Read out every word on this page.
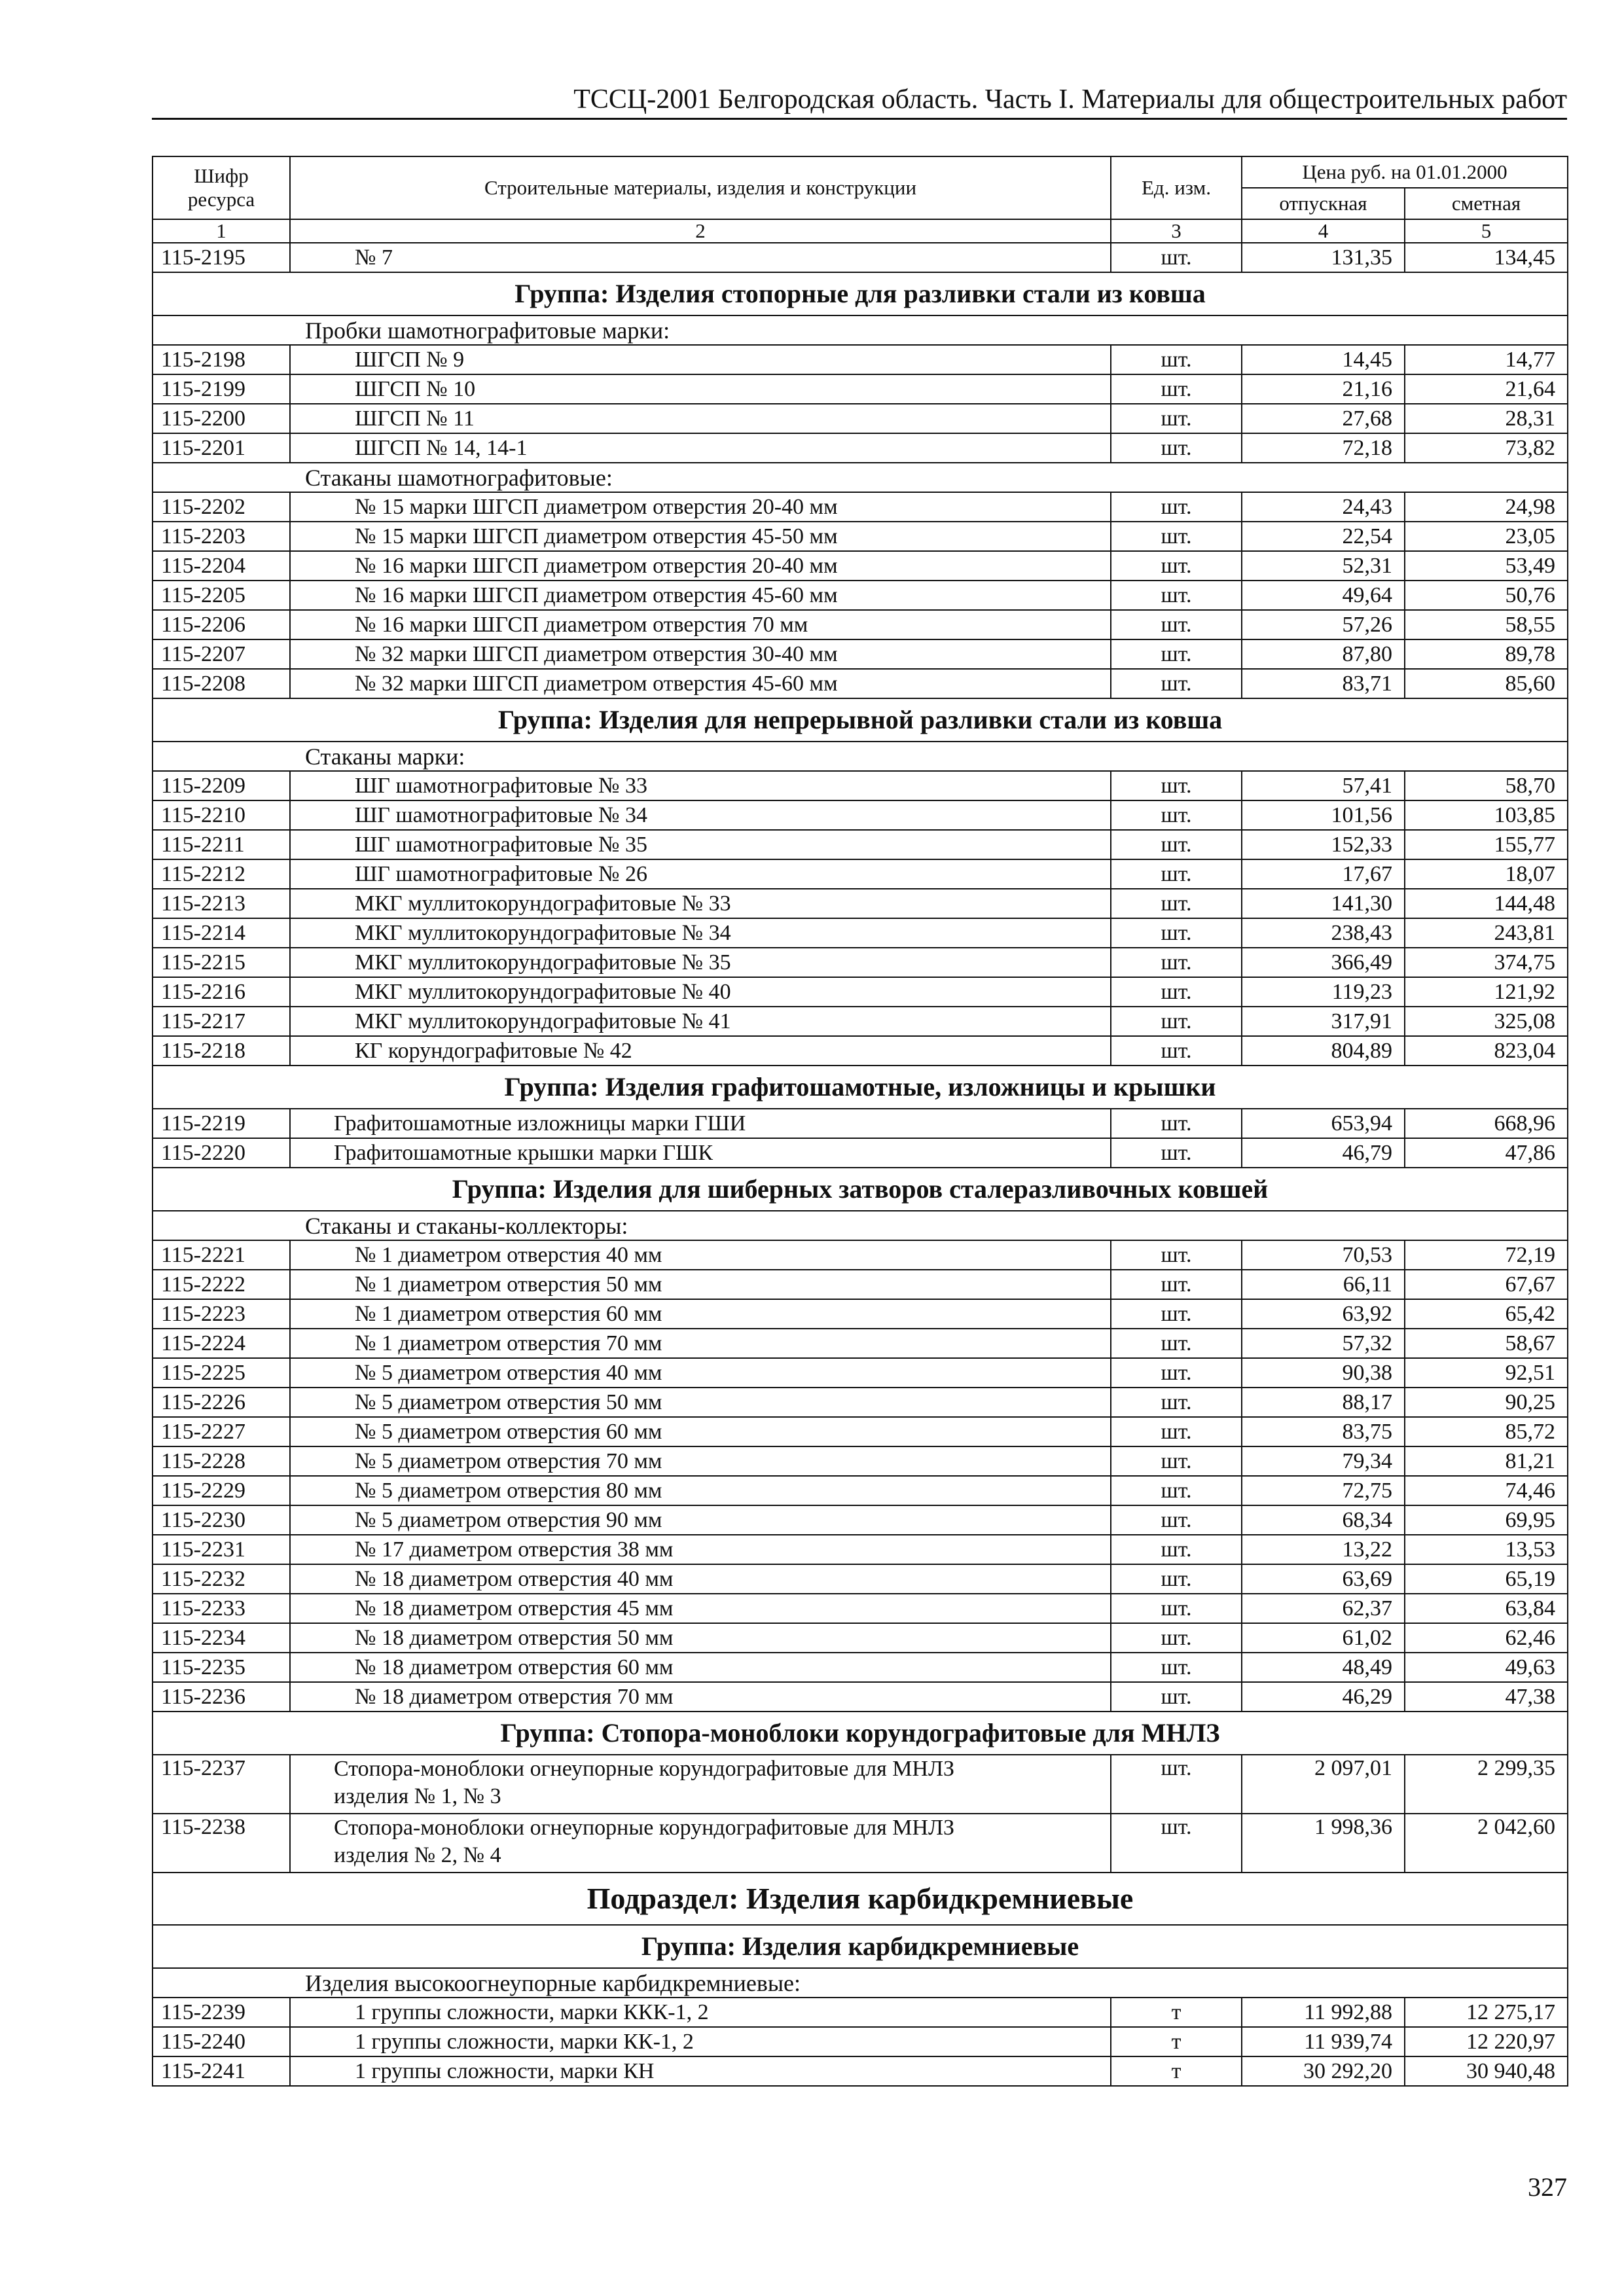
ТССЦ-2001 Белгородская область. Часть I. Материалы для общестроительных работ
Шифр ресурса	Строительные материалы, изделия и конструкции	Ед. изм.	Цена руб. на 01.01.2000	
			отпускная	сметная
1	2	3	4	5
115-2195	№ 7	шт.	131,35	134,45
Группа: Изделия стопорные для разливки стали из ковша				
Пробки шамотнографитовые марки:				
115-2198	ШГСП № 9	шт.	14,45	14,77
115-2199	ШГСП № 10	шт.	21,16	21,64
115-2200	ШГСП № 11	шт.	27,68	28,31
115-2201	ШГСП № 14, 14-1	шт.	72,18	73,82
Стаканы шамотнографитовые:				
115-2202	№ 15 марки ШГСП диаметром отверстия 20-40 мм	шт.	24,43	24,98
115-2203	№ 15 марки ШГСП диаметром отверстия 45-50 мм	шт.	22,54	23,05
115-2204	№ 16 марки ШГСП диаметром отверстия 20-40 мм	шт.	52,31	53,49
115-2205	№ 16 марки ШГСП диаметром отверстия 45-60 мм	шт.	49,64	50,76
115-2206	№ 16 марки ШГСП диаметром отверстия 70 мм	шт.	57,26	58,55
115-2207	№ 32 марки ШГСП диаметром отверстия 30-40 мм	шт.	87,80	89,78
115-2208	№ 32 марки ШГСП диаметром отверстия 45-60 мм	шт.	83,71	85,60
Группа: Изделия для непрерывной разливки стали из ковша				
Стаканы марки:				
115-2209	ШГ шамотнографитовые № 33	шт.	57,41	58,70
115-2210	ШГ шамотнографитовые № 34	шт.	101,56	103,85
115-2211	ШГ шамотнографитовые № 35	шт.	152,33	155,77
115-2212	ШГ шамотнографитовые № 26	шт.	17,67	18,07
115-2213	МКГ муллитокорундографитовые № 33	шт.	141,30	144,48
115-2214	МКГ муллитокорундографитовые № 34	шт.	238,43	243,81
115-2215	МКГ муллитокорундографитовые № 35	шт.	366,49	374,75
115-2216	МКГ муллитокорундографитовые № 40	шт.	119,23	121,92
115-2217	МКГ муллитокорундографитовые № 41	шт.	317,91	325,08
115-2218	КГ корундографитовые № 42	шт.	804,89	823,04
Группа: Изделия графитошамотные, изложницы и крышки				
115-2219	Графитошамотные изложницы марки ГШИ	шт.	653,94	668,96
115-2220	Графитошамотные крышки марки ГШК	шт.	46,79	47,86
Группа: Изделия для шиберных затворов сталеразливочных ковшей				
Стаканы и стаканы-коллекторы:				
115-2221	№ 1 диаметром отверстия 40 мм	шт.	70,53	72,19
115-2222	№ 1 диаметром отверстия 50 мм	шт.	66,11	67,67
115-2223	№ 1 диаметром отверстия 60 мм	шт.	63,92	65,42
115-2224	№ 1 диаметром отверстия 70 мм	шт.	57,32	58,67
115-2225	№ 5 диаметром отверстия 40 мм	шт.	90,38	92,51
115-2226	№ 5 диаметром отверстия 50 мм	шт.	88,17	90,25
115-2227	№ 5 диаметром отверстия 60 мм	шт.	83,75	85,72
115-2228	№ 5 диаметром отверстия 70 мм	шт.	79,34	81,21
115-2229	№ 5 диаметром отверстия 80 мм	шт.	72,75	74,46
115-2230	№ 5 диаметром отверстия 90 мм	шт.	68,34	69,95
115-2231	№ 17 диаметром отверстия 38 мм	шт.	13,22	13,53
115-2232	№ 18 диаметром отверстия 40 мм	шт.	63,69	65,19
115-2233	№ 18 диаметром отверстия 45 мм	шт.	62,37	63,84
115-2234	№ 18 диаметром отверстия 50 мм	шт.	61,02	62,46
115-2235	№ 18 диаметром отверстия 60 мм	шт.	48,49	49,63
115-2236	№ 18 диаметром отверстия 70 мм	шт.	46,29	47,38
Группа: Стопора-моноблоки корундографитовые для МНЛЗ				
115-2237	Стопора-моноблоки огнеупорные корундографитовые для МНЛЗ
изделия № 1, № 3	шт.	2 097,01	2 299,35
115-2238	Стопора-моноблоки огнеупорные корундографитовые для МНЛЗ
изделия № 2, № 4	шт.	1 998,36	2 042,60
Подраздел: Изделия карбидкремниевые				
Группа: Изделия карбидкремниевые				
Изделия высокоогнеупорные карбидкремниевые:				
115-2239	1 группы сложности, марки ККК-1, 2	т	11 992,88	12 275,17
115-2240	1 группы сложности, марки КК-1, 2	т	11 939,74	12 220,97
115-2241	1 группы сложности, марки КН	т	30 292,20	30 940,48
327
